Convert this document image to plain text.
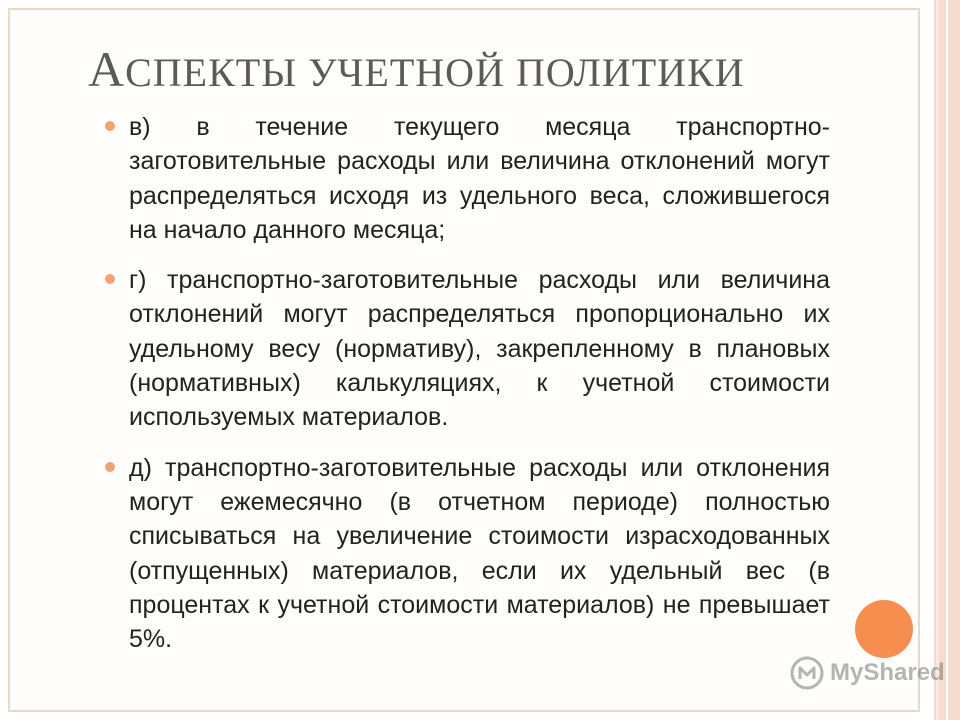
АСПЕКТЫ УЧЕТНОЙ ПОЛИТИКИ
в) в течение текущего месяца транспортно-заготовительные расходы или величина отклонений могут распределяться исходя из удельного веса, сложившегося на начало данного месяца;
г) транспортно-заготовительные расходы или величина отклонений могут распределяться пропорционально их удельному весу (нормативу), закрепленному в плановых (нормативных) калькуляциях, к учетной стоимости используемых материалов.
д) транспортно-заготовительные расходы или отклонения могут ежемесячно (в отчетном периоде) полностью списываться на увеличение стоимости израсходованных (отпущенных) материалов, если их удельный вес (в процентах к учетной стоимости материалов) не превышает 5%.
MyShared
